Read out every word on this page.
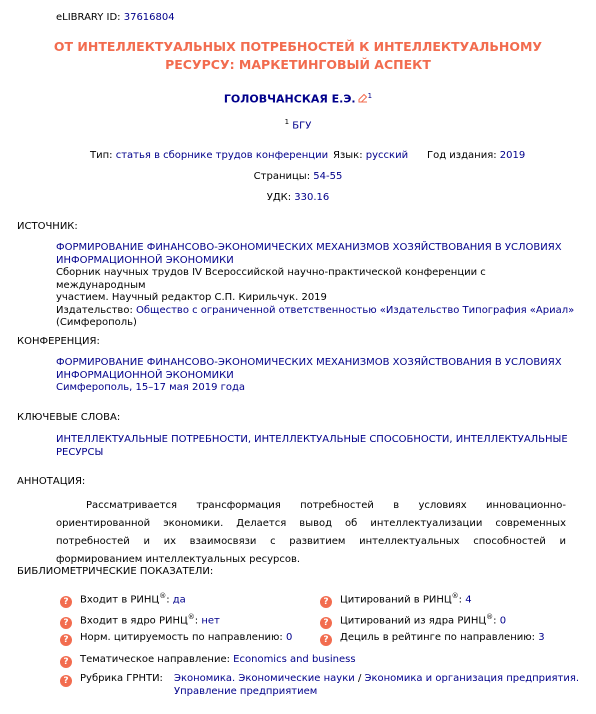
eLIBRARY ID: 37616804
ОТ ИНТЕЛЛЕКТУАЛЬНЫХ ПОТРЕБНОСТЕЙ К ИНТЕЛЛЕКТУАЛЬНОМУ
РЕСУРСУ: МАРКЕТИНГОВЫЙ АСПЕКТ
ГОЛОВЧАНСКАЯ Е.Э. $^1$
$^1$ БГУ
Тип: статья в сборнике трудов конференции Язык: русский Год издания: 2019
Страницы: 54-55
УДК: 330.16
ИСТОЧНИК:
ФОРМИРОВАНИЕ ФИНАНСОВО-ЭКОНОМИЧЕСКИХ МЕХАНИЗМОВ ХОЗЯЙСТВОВАНИЯ В УСЛОВИЯХ
ИНФОРМАЦИОННОЙ ЭКОНОМИКИ
Сборник научных трудов IV Всероссийской научно-практической конференции с международным
участием. Научный редактор С.П. Кирильчук. 2019
Издательство: Общество с ограниченной ответственностью «Издательство Типография «Ариал»
(Симферополь)
КОНФЕРЕНЦИЯ:
ФОРМИРОВАНИЕ ФИНАНСОВО-ЭКОНОМИЧЕСКИХ МЕХАНИЗМОВ ХОЗЯЙСТВОВАНИЯ В УСЛОВИЯХ
ИНФОРМАЦИОННОЙ ЭКОНОМИКИ
Симферополь, 15–17 мая 2019 года
КЛЮЧЕВЫЕ СЛОВА:
ИНТЕЛЛЕКТУАЛЬНЫЕ ПОТРЕБНОСТИ, ИНТЕЛЛЕКТУАЛЬНЫЕ СПОСОБНОСТИ, ИНТЕЛЛЕКТУАЛЬНЫЕ
РЕСУРСЫ
АННОТАЦИЯ:
Рассматривается трансформация потребностей в условиях инновационно-ориентированной экономики. Делается вывод об интеллектуализации современных потребностей и их взаимосвязи с развитием интеллектуальных способностей и формированием интеллектуальных ресурсов.
БИБЛИОМЕТРИЧЕСКИЕ ПОКАЗАТЕЛИ:
? Входит в РИНЦ®: да
? Входит в ядро РИНЦ®: нет
? Норм. цитируемость по направлению: 0
? Цитирований в РИНЦ®: 4
? Цитирований из ядра РИНЦ®: 0
? Дециль в рейтинге по направлению: 3
? Тематическое направление: Economics and business
? Рубрика ГРНТИ: Экономика. Экономические науки / Экономика и организация предприятия.
Управление предприятием
